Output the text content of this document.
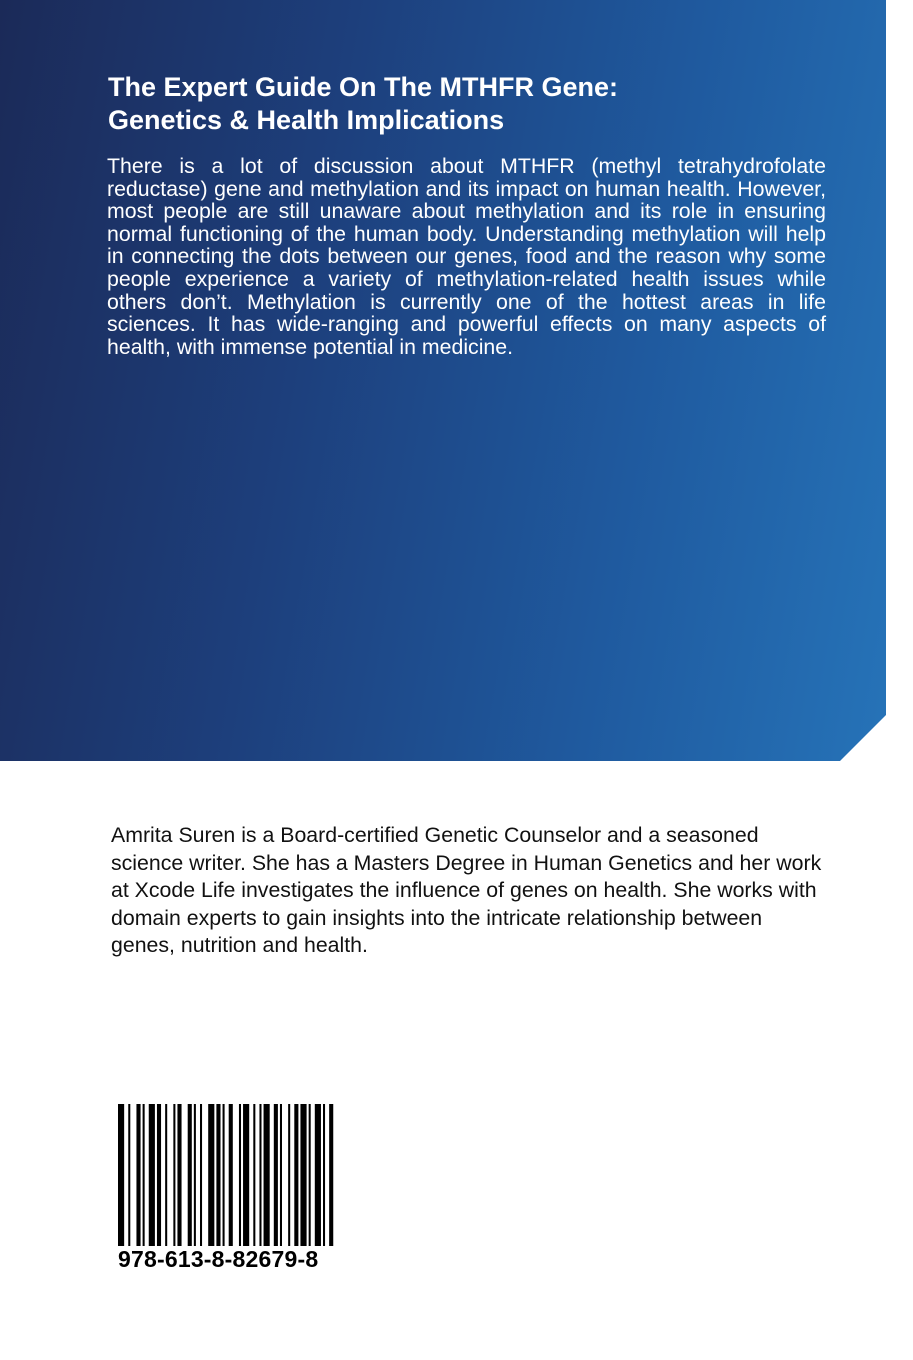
The Expert Guide On The MTHFR Gene:
Genetics & Health Implications

There is a lot of discussion about MTHFR (methyl tetrahydrofolate reductase) gene and methylation and its impact on human health. However, most people are still unaware about methylation and its role in ensuring normal functioning of the human body. Understanding methylation will help in connecting the dots between our genes, food and the reason why some people experience a variety of methylation-related health issues while others don’t. Methylation is currently one of the hottest areas in life sciences. It has wide-ranging and powerful effects on many aspects of health, with immense potential in medicine.

Amrita Suren is a Board-certified Genetic Counselor and a seasoned science writer. She has a Masters Degree in Human Genetics and her work at Xcode Life investigates the influence of genes on health. She works with domain experts to gain insights into the intricate relationship between genes, nutrition and health.

978-613-8-82679-8
